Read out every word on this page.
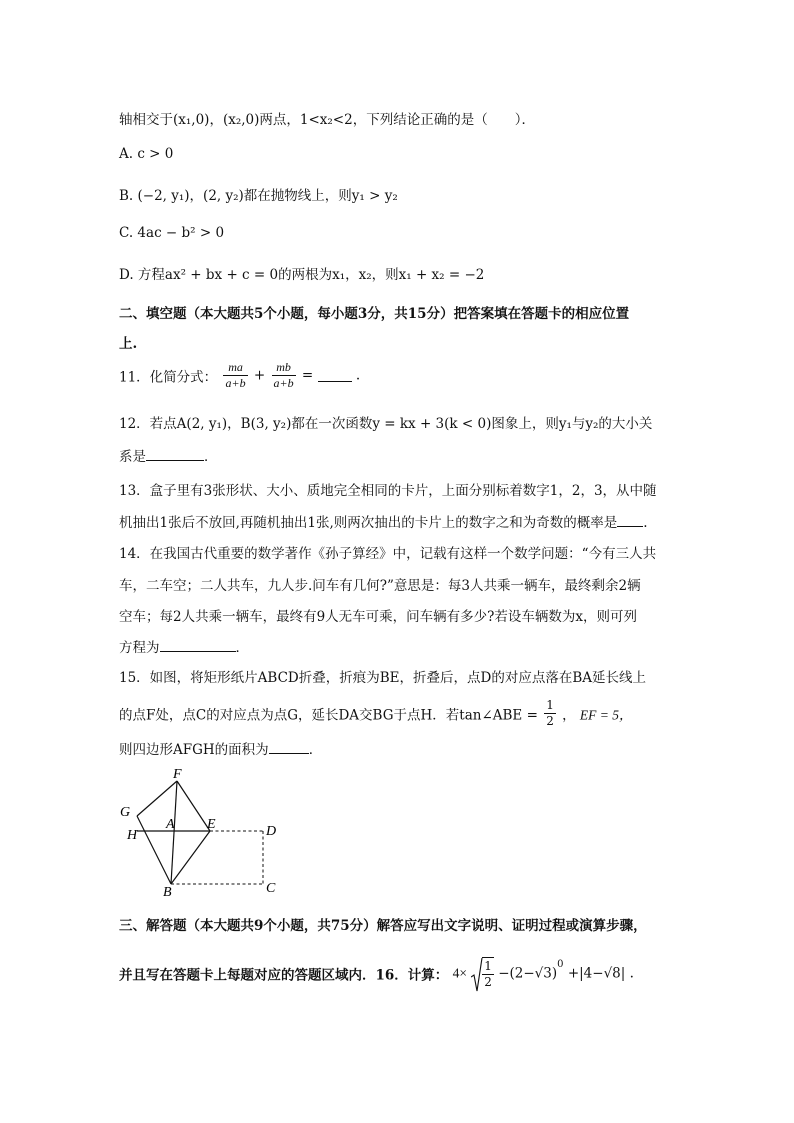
轴相交于(x₁,0)，(x₂,0)两点，1<x₂<2，下列结论正确的是（　　）．
A. c > 0
B. (−2, y₁)，(2, y₂)都在抛物线上，则y₁ > y₂
C. 4ac − b² > 0
D. 方程ax² + bx + c = 0的两根为x₁，x₂，则x₁ + x₂ = −2
二、填空题（本大题共5个小题，每小题3分，共15分）把答案填在答题卡的相应位置
上.
11．化简分式： $\frac{ma}{a+b} + \frac{mb}{a+b}$ =	.
12．若点A(2, y₁)，B(3, y₂)都在一次函数y = kx + 3(k < 0)图象上，则y₁与y₂的大小关
系是	．
13．盒子里有3张形状、大小、质地完全相同的卡片，上面分别标着数字1，2，3，从中随
机抽出1张后不放回,再随机抽出1张,则两次抽出的卡片上的数字之和为奇数的概率是 .
14．在我国古代重要的数学著作《孙子算经》中，记载有这样一个数学问题：“今有三人共
车，二车空；二人共车，九人步.问车有几何?”意思是：每3人共乘一辆车，最终剩余2辆
空车；每2人共乘一辆车，最终有9人无车可乘，问车辆有多少?若设车辆数为x，则可列
方程为	．
15．如图，将矩形纸片ABCD折叠，折痕为BE，折叠后，点D的对应点落在BA延长线上
的点F处，点C的对应点为点G，延长DA交BG于点H．若tan∠ABE = $\frac{1}{2}$ ， EF = 5，
则四边形AFGH的面积为	．
F
G
A E	D
H
B	C
三、解答题（本大题共9个小题，共75分）解答应写出文字说明、证明过程或演算步骤，
并且写在答题卡上每题对应的答题区域内．16．计算： $4\times \frac{1}{2} -(2-√3)^0 +|4-√8|$ .
